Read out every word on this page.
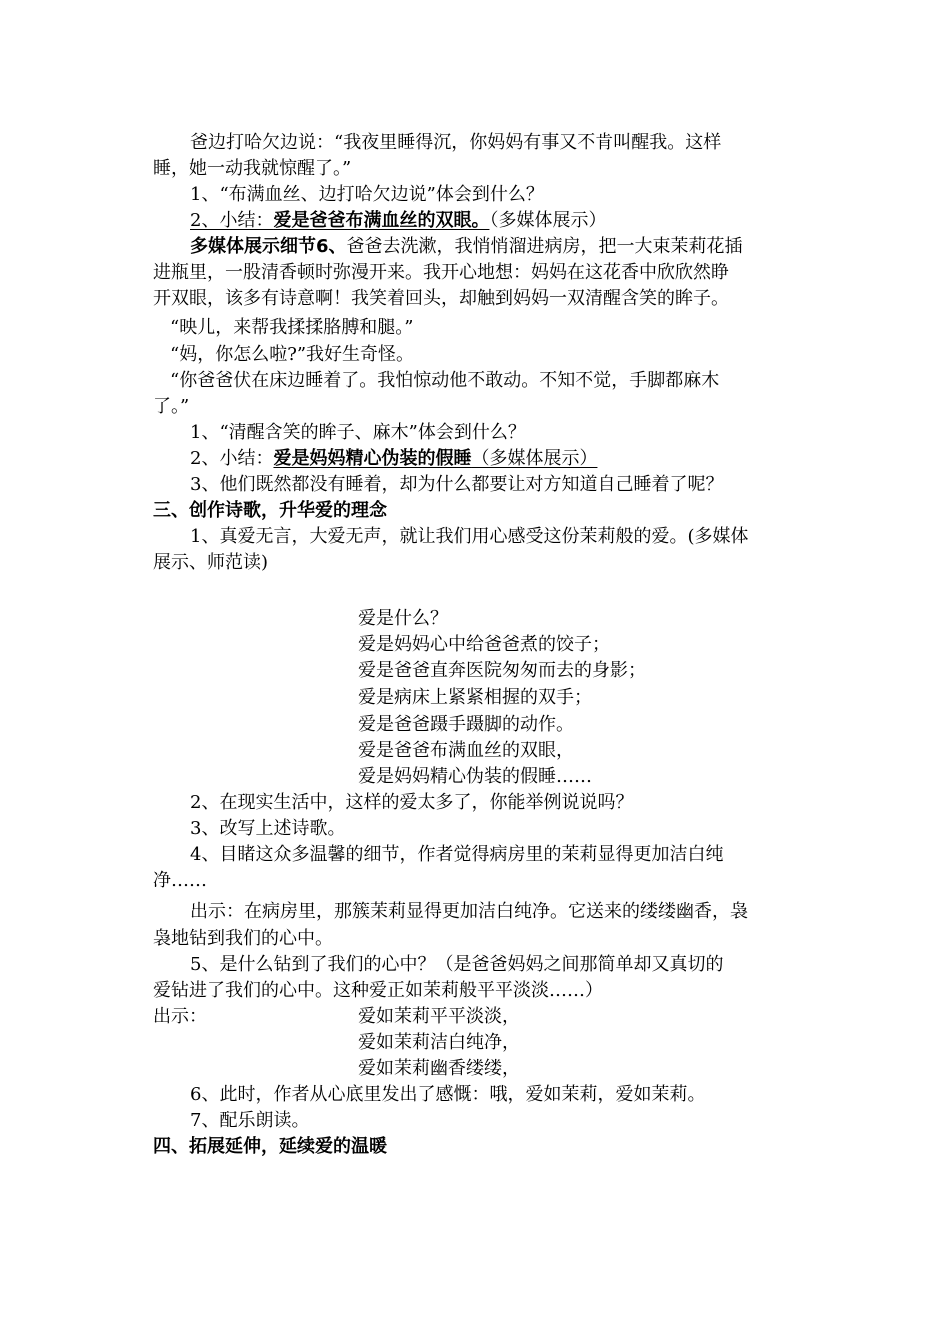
爸边打哈欠边说：“我夜里睡得沉，你妈妈有事又不肯叫醒我。这样
睡，她一动我就惊醒了。”
1、“布满血丝、边打哈欠边说”体会到什么？
2、小结：爱是爸爸布满血丝的双眼。（多媒体展示）
多媒体展示细节6、爸爸去洗漱，我悄悄溜进病房，把一大束茉莉花插
进瓶里，一股清香顿时弥漫开来。我开心地想：妈妈在这花香中欣欣然睁
开双眼，该多有诗意啊！我笑着回头，却触到妈妈一双清醒含笑的眸子。
“映儿，来帮我揉揉胳膊和腿。”
“妈，你怎么啦?”我好生奇怪。
“你爸爸伏在床边睡着了。我怕惊动他不敢动。不知不觉，手脚都麻木
了。”
1、“清醒含笑的眸子、麻木”体会到什么？
2、小结：爱是妈妈精心伪装的假睡（多媒体展示）
3、他们既然都没有睡着，却为什么都要让对方知道自己睡着了呢？
三、创作诗歌，升华爱的理念
1、真爱无言，大爱无声，就让我们用心感受这份茉莉般的爱。(多媒体
展示、师范读)
爱是什么？
爱是妈妈心中给爸爸煮的饺子；
爱是爸爸直奔医院匆匆而去的身影；
爱是病床上紧紧相握的双手；
爱是爸爸蹑手蹑脚的动作。
爱是爸爸布满血丝的双眼，
爱是妈妈精心伪装的假睡……
2、在现实生活中，这样的爱太多了，你能举例说说吗？
3、改写上述诗歌。
4、目睹这众多温馨的细节，作者觉得病房里的茉莉显得更加洁白纯
净……
出示：在病房里，那簇茉莉显得更加洁白纯净。它送来的缕缕幽香，袅
袅地钻到我们的心中。
5、是什么钻到了我们的心中？（是爸爸妈妈之间那简单却又真切的
爱钻进了我们的心中。这种爱正如茉莉般平平淡淡……）
出示：	爱如茉莉平平淡淡，
爱如茉莉洁白纯净，
爱如茉莉幽香缕缕，
6、此时，作者从心底里发出了感慨：哦，爱如茉莉，爱如茉莉。
7、配乐朗读。
四、拓展延伸，延续爱的温暖
